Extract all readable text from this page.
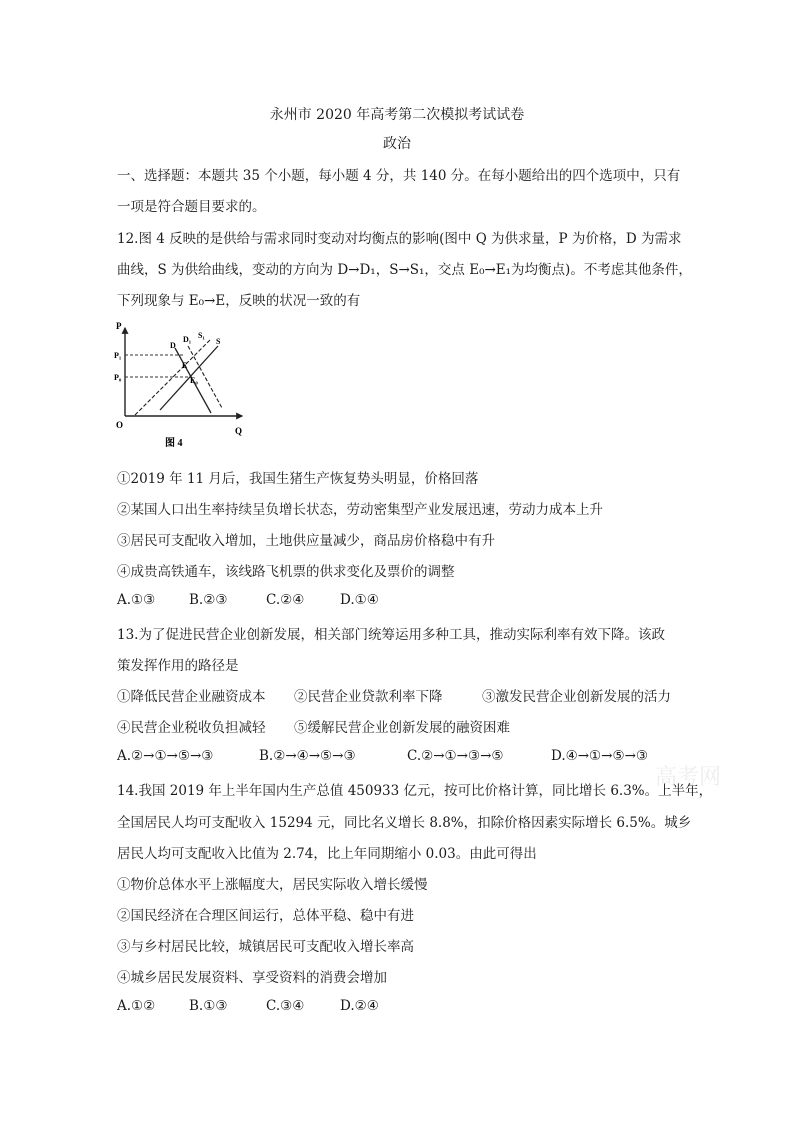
永州市 2020 年高考第二次模拟考试试卷
政治
一、选择题：本题共 35 个小题，每小题 4 分，共 140 分。在每小题给出的四个选项中，只有
一项是符合题目要求的。
12.图 4 反映的是供给与需求同时变动对均衡点的影响(图中 Q 为供求量，P 为价格，D 为需求
曲线，S 为供给曲线，变动的方向为 D→D₁，S→S₁，交点 E₀→E₁为均衡点)。不考虑其他条件，
下列现象与 E₀→E，反映的状况一致的有
P
Q
O
P₁
P₀
D
D₁ S₁
S
E
E₀
图 4
①2019 年 11 月后，我国生猪生产恢复势头明显，价格回落
②某国人口出生率持续呈负增长状态，劳动密集型产业发展迅速，劳动力成本上升
③居民可支配收入增加，土地供应量减少，商品房价格稳中有升
④成贵高铁通车，该线路飞机票的供求变化及票价的调整
A.①③	B.②③	C.②④	D.①④
13.为了促进民营企业创新发展，相关部门统筹运用多种工具，推动实际利率有效下降。该政
策发挥作用的路径是
①降低民营企业融资成本 ②民营企业贷款利率下降	③激发民营企业创新发展的活力
④民营企业税收负担减轻 ⑤缓解民营企业创新发展的融资困难
A.②→①→⑤→③	B.②→④→⑤→③	C.②→①→③→⑤	D.④→①→⑤→③
高考网
14.我国 2019 年上半年国内生产总值 450933 亿元，按可比价格计算，同比增长 6.3%。上半年，
全国居民人均可支配收入 15294 元，同比名义增长 8.8%，扣除价格因素实际增长 6.5%。城乡
居民人均可支配收入比值为 2.74，比上年同期缩小 0.03。由此可得出
①物价总体水平上涨幅度大，居民实际收入增长缓慢
②国民经济在合理区间运行，总体平稳、稳中有进
③与乡村居民比较，城镇居民可支配收入增长率高
④城乡居民发展资料、享受资料的消费会增加
A.①②	B.①③	C.③④	D.②④
